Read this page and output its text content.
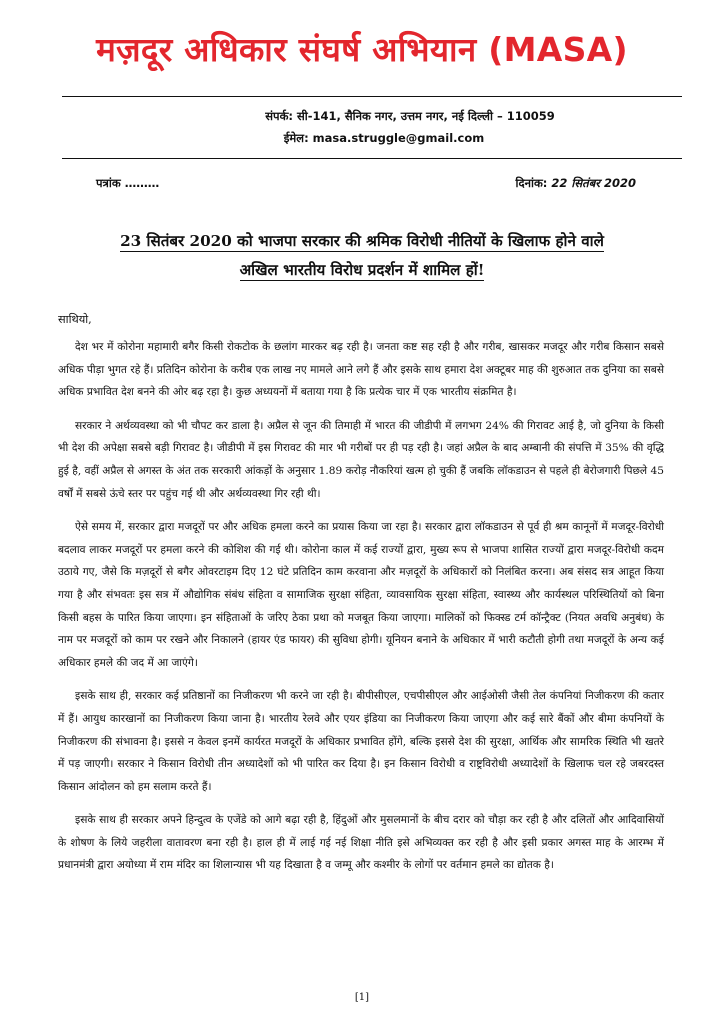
मज़दूर अधिकार संघर्ष अभियान (MASA)
संपर्क: सी-141, सैनिक नगर, उत्तम नगर, नई दिल्ली – 110059
ईमेल: masa.struggle@gmail.com
पत्रांक ………	दिनांक: 22 सितंबर 2020
23 सितंबर 2020 को भाजपा सरकार की श्रमिक विरोधी नीतियों के खिलाफ होने वाले
अखिल भारतीय विरोध प्रदर्शन में शामिल हों!
साथियो,

देश भर में कोरोना महामारी बगैर किसी रोकटोक के छलांग मारकर बढ़ रही है। जनता कष्ट सह रही है और गरीब, खासकर मजदूर और गरीब किसान सबसे अधिक पीड़ा भुगत रहे हैं। प्रतिदिन कोरोना के करीब एक लाख नए मामले आने लगे हैं और इसके साथ हमारा देश अक्टूबर माह की शुरुआत तक दुनिया का सबसे अधिक प्रभावित देश बनने की ओर बढ़ रहा है। कुछ अध्ययनों में बताया गया है कि प्रत्येक चार में एक भारतीय संक्रमित है।

सरकार ने अर्थव्यवस्था को भी चौपट कर डाला है। अप्रैल से जून की तिमाही में भारत की जीडीपी में लगभग 24% की गिरावट आई है, जो दुनिया के किसी भी देश की अपेक्षा सबसे बड़ी गिरावट है। जीडीपी में इस गिरावट की मार भी गरीबों पर ही पड़ रही है। जहां अप्रैल के बाद अम्बानी की संपत्ति में 35% की वृद्धि हुई है, वहीं अप्रैल से अगस्त के अंत तक सरकारी आंकड़ों के अनुसार 1.89 करोड़ नौकरियां खत्म हो चुकी हैं जबकि लॉकडाउन से पहले ही बेरोजगारी पिछले 45 वर्षों में सबसे ऊंचे स्तर पर पहुंच गई थी और अर्थव्यवस्था गिर रही थी।

ऐसे समय में, सरकार द्वारा मजदूरों पर और अधिक हमला करने का प्रयास किया जा रहा है। सरकार द्वारा लॉकडाउन से पूर्व ही श्रम कानूनों में मजदूर-विरोधी बदलाव लाकर मजदूरों पर हमला करने की कोशिश की गई थी। कोरोना काल में कई राज्यों द्वारा, मुख्य रूप से भाजपा शासित राज्यों द्वारा मजदूर-विरोधी कदम उठाये गए, जैसे कि मज़दूरों से बगैर ओवरटाइम दिए 12 घंटे प्रतिदिन काम करवाना और मज़दूरों के अधिकारों को निलंबित करना। अब संसद सत्र आहूत किया गया है और संभवतः इस सत्र में औद्योगिक संबंध संहिता व सामाजिक सुरक्षा संहिता, व्यावसायिक सुरक्षा संहिता, स्वास्थ्य और कार्यस्थल परिस्थितियों को बिना किसी बहस के पारित किया जाएगा। इन संहिताओं के जरिए ठेका प्रथा को मजबूत किया जाएगा। मालिकों को फिक्स्ड टर्म कॉन्ट्रैक्ट (नियत अवधि अनुबंध) के नाम पर मजदूरों को काम पर रखने और निकालने (हायर एंड फायर) की सुविधा होगी। यूनियन बनाने के अधिकार में भारी कटौती होगी तथा मजदूरों के अन्य कई अधिकार हमले की जद में आ जाएंगे।

इसके साथ ही, सरकार कई प्रतिष्ठानों का निजीकरण भी करने जा रही है। बीपीसीएल, एचपीसीएल और आईओसी जैसी तेल कंपनियां निजीकरण की कतार में हैं। आयुध कारखानों का निजीकरण किया जाना है। भारतीय रेलवे और एयर इंडिया का निजीकरण किया जाएगा और कई सारे बैंकों और बीमा कंपनियों के निजीकरण की संभावना है। इससे न केवल इनमें कार्यरत मजदूरों के अधिकार प्रभावित होंगे, बल्कि इससे देश की सुरक्षा, आर्थिक और सामरिक स्थिति भी खतरे में पड़ जाएगी। सरकार ने किसान विरोधी तीन अध्यादेशों को भी पारित कर दिया है। इन किसान विरोधी व राष्ट्रविरोधी अध्यादेशों के खिलाफ चल रहे जबरदस्त किसान आंदोलन को हम सलाम करते हैं।

इसके साथ ही सरकार अपने हिन्दुत्व के एजेंडे को आगे बढ़ा रही है, हिंदुओं और मुसलमानों के बीच दरार को चौड़ा कर रही है और दलितों और आदिवासियों के शोषण के लिये जहरीला वातावरण बना रही है। हाल ही में लाई गई नई शिक्षा नीति इसे अभिव्यक्त कर रही है और इसी प्रकार अगस्त माह के आरम्भ में प्रधानमंत्री द्वारा अयोध्या में राम मंदिर का शिलान्यास भी यह दिखाता है व जम्मू और कश्मीर के लोगों पर वर्तमान हमले का द्योतक है।

[1]
